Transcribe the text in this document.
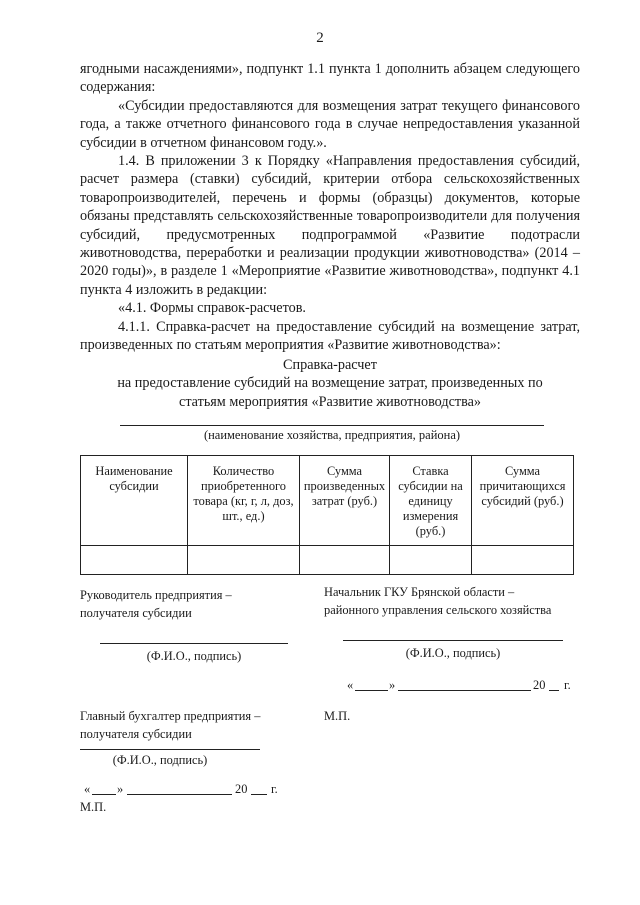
2

ягодными насаждениями», подпункт 1.1 пункта 1 дополнить абзацем следующего содержания:

«Субсидии предоставляются для возмещения затрат текущего финансового года, а также отчетного финансового года в случае непредоставления указанной субсидии в отчетном финансовом году.».

1.4. В приложении 3 к Порядку «Направления предоставления субсидий, расчет размера (ставки) субсидий, критерии отбора сельскохозяйственных товаропроизводителей, перечень и формы (образцы) документов, которые обязаны представлять сельскохозяйственные товаропроизводители для получения субсидий, предусмотренных подпрограммой «Развитие подотрасли животноводства, переработки и реализации продукции животноводства» (2014 – 2020 годы)», в разделе 1 «Мероприятие «Развитие животноводства», подпункт 4.1 пункта 4 изложить в редакции:

«4.1. Формы справок-расчетов.

4.1.1. Справка-расчет на предоставление субсидий на возмещение затрат, произведенных по статьям мероприятия «Развитие животноводства»:

Справка-расчет
на предоставление субсидий на возмещение затрат, произведенных по
статьям мероприятия «Развитие животноводства»
(наименование хозяйства, предприятия, района)
Наименование субсидии	Количество приобретенного товара (кг, г, л, доз, шт., ед.)	Сумма произведенных затрат (руб.)	Ставка субсидии на единицу измерения (руб.)	Сумма причитающихся субсидий (руб.)

Руководитель предприятия –
получателя субсидии
(Ф.И.О., подпись)
Начальник ГКУ Брянской области –
районного управления сельского хозяйства
(Ф.И.О., подпись)
«	»	20 г.
М.П.
Главный бухгалтер предприятия –
получателя субсидии
(Ф.И.О., подпись)
« »	20 г.
М.П.
